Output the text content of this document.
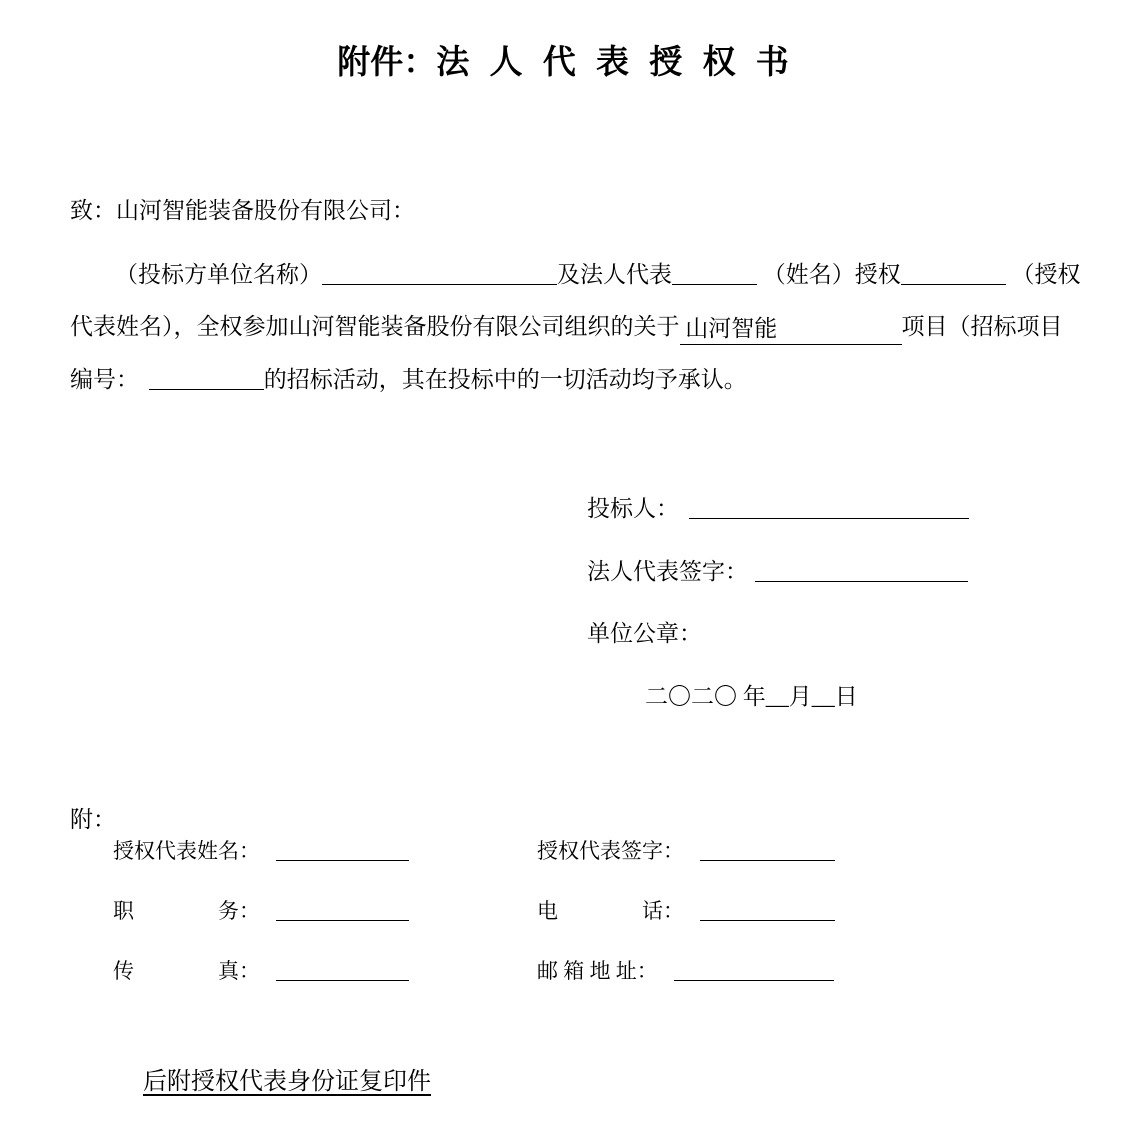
附件：法 人 代 表 授 权 书
致：山河智能装备股份有限公司：
（投标方单位名称）	及法人代表	（姓名）授权	（授权
代表姓名），全权参加山河智能装备股份有限公司组织的关于 山河智能	项目（招标项目
编号：	的招标活动，其在投标中的一切活动均予承认。
投标人：
法人代表签字：
单位公章：
二〇二〇 年__月__日
附：
授权代表姓名：	授权代表签字：
职　　　　务：	电　　　　话：
传　　　　真：	邮 箱 地 址：
后附授权代表身份证复印件
